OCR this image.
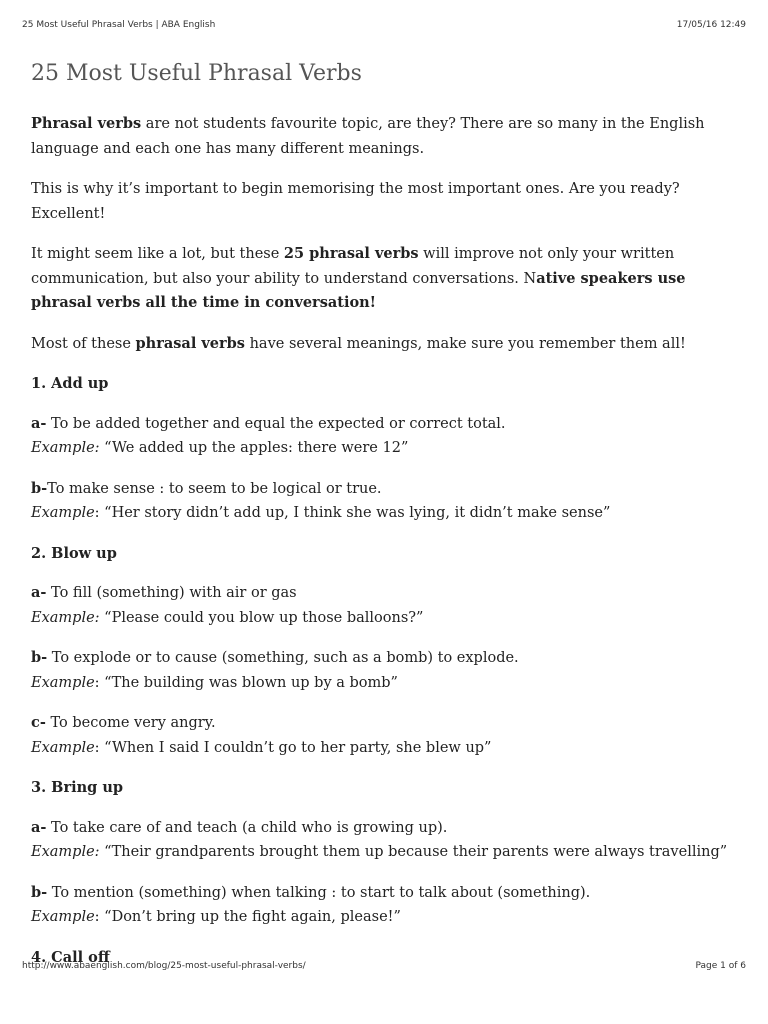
25 Most Useful Phrasal Verbs | ABA English	17/05/16 12:49
25 Most Useful Phrasal Verbs

Phrasal verbs are not students favourite topic, are they? There are so many in the English language and each one has many different meanings.

This is why it’s important to begin memorising the most important ones. Are you ready? Excellent!

It might seem like a lot, but these 25 phrasal verbs will improve not only your written communication, but also your ability to understand conversations. Native speakers use phrasal verbs all the time in conversation!

Most of these phrasal verbs have several meanings, make sure you remember them all!

1. Add up

a- To be added together and equal the expected or correct total.
Example: “We added up the apples: there were 12”

b-To make sense : to seem to be logical or true.
Example: “Her story didn’t add up, I think she was lying, it didn’t make sense”

2. Blow up

a- To fill (something) with air or gas
Example: “Please could you blow up those balloons?”

b- To explode or to cause (something, such as a bomb) to explode.
Example: “The building was blown up by a bomb”

c- To become very angry.
Example: “When I said I couldn’t go to her party, she blew up”

3. Bring up

a- To take care of and teach (a child who is growing up).
Example: “Their grandparents brought them up because their parents were always travelling”

b- To mention (something) when talking : to start to talk about (something).
Example: “Don’t bring up the fight again, please!”

4. Call off

http://www.abaenglish.com/blog/25-most-useful-phrasal-verbs/	Page 1 of 6
